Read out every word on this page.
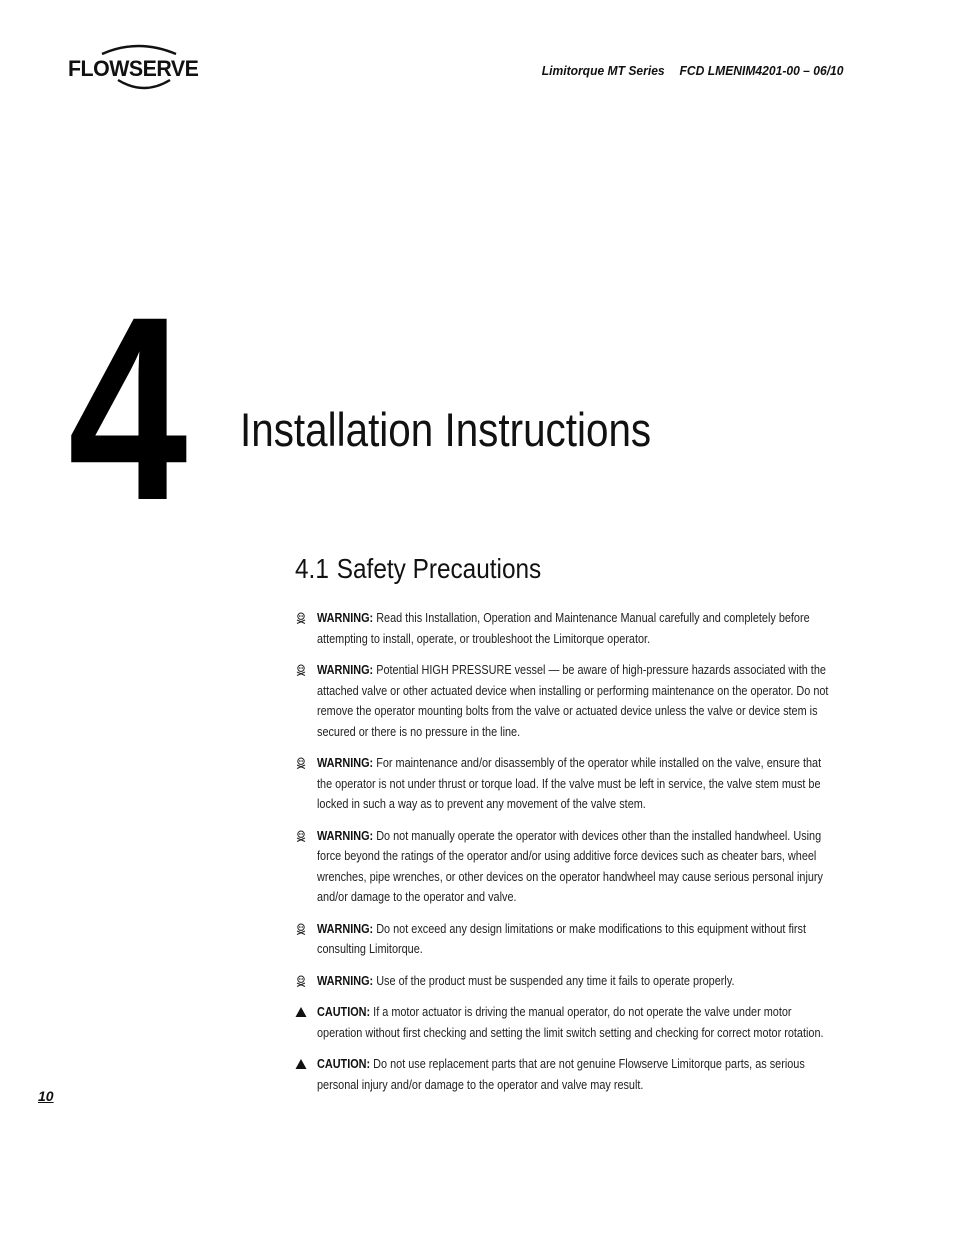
FLOWSERVE	Limitorque MT Series FCD LMENIM4201-00 – 06/10
4 Installation Instructions
4.1 Safety Precautions
WARNING: Read this Installation, Operation and Maintenance Manual carefully and completely before attempting to install, operate, or troubleshoot the Limitorque operator.
WARNING: Potential HIGH PRESSURE vessel — be aware of high-pressure hazards associated with the attached valve or other actuated device when installing or performing maintenance on the operator. Do not remove the operator mounting bolts from the valve or actuated device unless the valve or device stem is secured or there is no pressure in the line.
WARNING: For maintenance and/or disassembly of the operator while installed on the valve, ensure that the operator is not under thrust or torque load. If the valve must be left in service, the valve stem must be locked in such a way as to prevent any movement of the valve stem.
WARNING: Do not manually operate the operator with devices other than the installed handwheel. Using force beyond the ratings of the operator and/or using additive force devices such as cheater bars, wheel wrenches, pipe wrenches, or other devices on the operator handwheel may cause serious personal injury and/or damage to the operator and valve.
WARNING: Do not exceed any design limitations or make modifications to this equipment without first consulting Limitorque.
WARNING: Use of the product must be suspended any time it fails to operate properly.
CAUTION: If a motor actuator is driving the manual operator, do not operate the valve under motor operation without first checking and setting the limit switch setting and checking for correct motor rotation.
CAUTION: Do not use replacement parts that are not genuine Flowserve Limitorque parts, as serious personal injury and/or damage to the operator and valve may result.
10
